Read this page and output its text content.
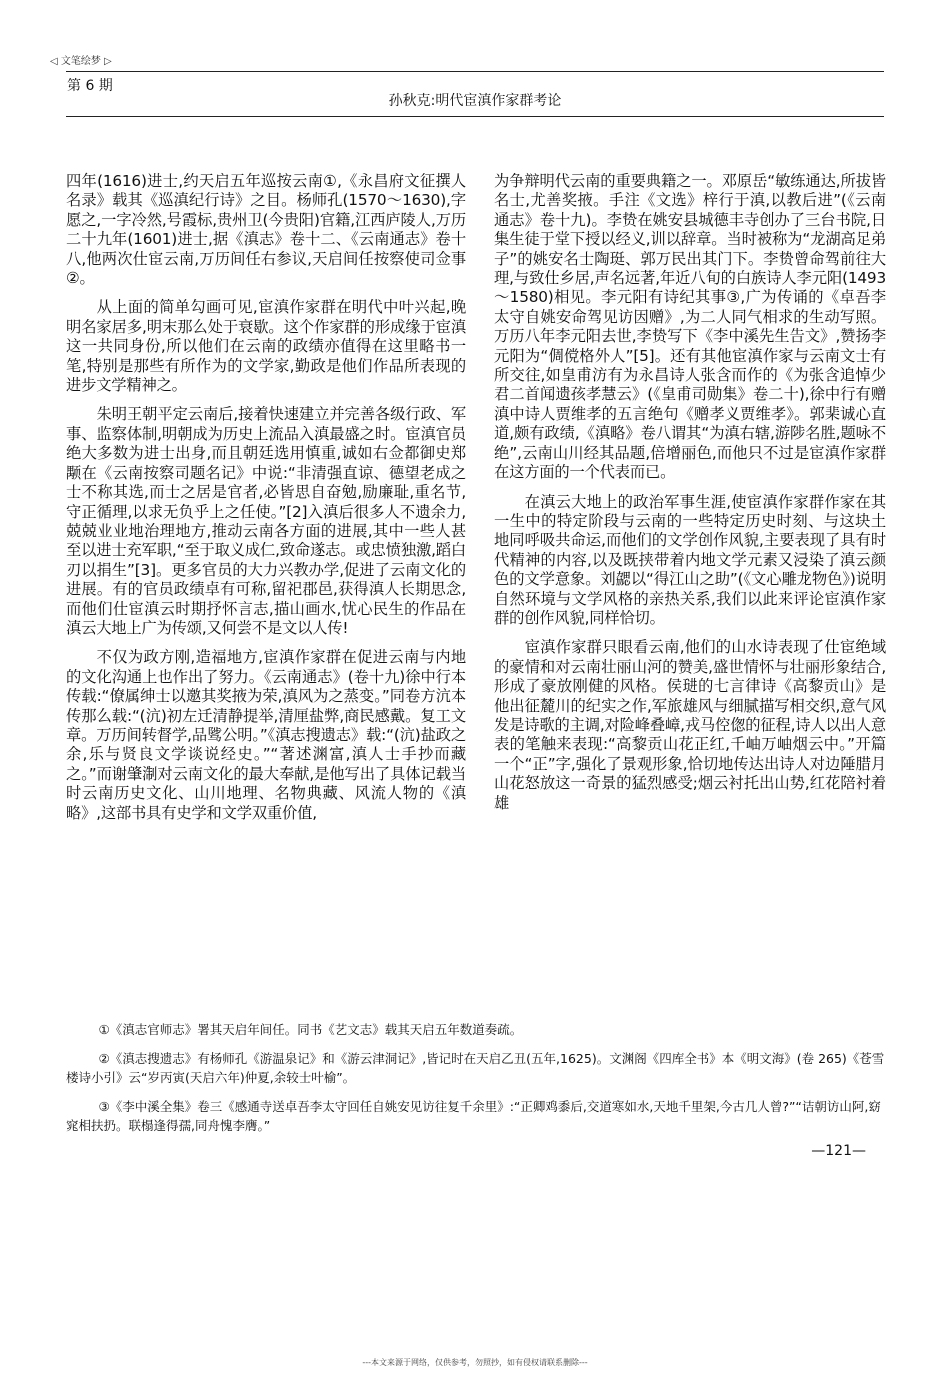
◁ 文笔绘梦 ▷
第 6 期
孙秋克:明代宦滇作家群考论

四年(1616)进士,约天启五年巡按云南①,《永昌府文征撰人名录》载其《巡滇纪行诗》之目。杨师孔(1570～1630),字愿之,一字冷然,号霞标,贵州卫(今贵阳)官籍,江西庐陵人,万历二十九年(1601)进士,据《滇志》卷十二、《云南通志》卷十八,他两次仕宦云南,万历间任右参议,天启间任按察使司佥事②。

从上面的简单勾画可见,宦滇作家群在明代中叶兴起,晚明名家居多,明末那么处于衰歇。这个作家群的形成缘于宦滇这一共同身份,所以他们在云南的政绩亦值得在这里略书一笔,特别是那些有所作为的文学家,勤政是他们作品所表现的进步文学精神之。

朱明王朝平定云南后,接着快速建立并完善各级行政、军事、监察体制,明朝成为历史上流品入滇最盛之时。宦滇官员绝大多数为进士出身,而且朝廷选用慎重,诚如右佥都御史郑颙在《云南按察司题名记》中说:“非清强直谅、德望老成之士不称其选,而士之居是官者,必皆思自奋勉,励廉耻,重名节,守正循理,以求无负乎上之任使。”[2]入滇后很多人不遗余力,兢兢业业地治理地方,推动云南各方面的进展,其中一些人甚至以进士充军职,“至于取义成仁,致命遂志。或忠愤独激,蹈白刃以捐生”[3]。更多官员的大力兴教办学,促进了云南文化的进展。有的官员政绩卓有可称,留祀郡邑,获得滇人长期思念,而他们仕宦滇云时期抒怀言志,描山画水,忧心民生的作品在滇云大地上广为传颂,又何尝不是文以人传!

不仅为政方刚,造福地方,宦滇作家群在促进云南与内地的文化沟通上也作出了努力。《云南通志》(卷十九)徐中行本传载:“僚属绅士以邀其奖掖为荣,滇风为之蒸变。”同卷方沆本传那么载:“(沆)初左迁清静提举,清厘盐弊,商民感戴。复工文章。万历间转督学,品骘公明。”《滇志搜遗志》载:“(沆)盐政之余,乐与贤良文学谈说经史。”“著述渊富,滇人士手抄而藏之。”而谢肇淛对云南文化的最大奉献,是他写出了具体记载当时云南历史文化、山川地理、名物典藏、风流人物的《滇略》,这部书具有史学和文学双重价值,

为争辩明代云南的重要典籍之一。邓原岳“敏练通达,所拔皆名士,尤善奖掖。手注《文选》梓行于滇,以教后进”(《云南通志》卷十九)。李贽在姚安县城德丰寺创办了三台书院,日集生徒于堂下授以经义,训以辞章。当时被称为“龙湖高足弟子”的姚安名士陶珽、郭万民出其门下。李贽曾命驾前往大理,与致仕乡居,声名远著,年近八旬的白族诗人李元阳(1493～1580)相见。李元阳有诗纪其事③,广为传诵的《卓吾李太守自姚安命驾见访因赠》,为二人同气相求的生动写照。万历八年李元阳去世,李贽写下《李中溪先生告文》,赞扬李元阳为“倜傥格外人”[5]。还有其他宦滇作家与云南文士有所交往,如皇甫汸有为永昌诗人张含而作的《为张含追悼少君二首闻遗孩孝慧云》(《皇甫司勋集》卷二十),徐中行有赠滇中诗人贾维孝的五言绝句《赠孝义贾维孝》。郭棐诚心直道,颇有政绩,《滇略》卷八谓其“为滇右辖,游陟名胜,题咏不绝”,云南山川经其品题,倍增丽色,而他只不过是宦滇作家群在这方面的一个代表而已。

在滇云大地上的政治军事生涯,使宦滇作家群作家在其一生中的特定阶段与云南的一些特定历史时刻、与这块土地同呼吸共命运,而他们的文学创作风貌,主要表现了具有时代精神的内容,以及既挟带着内地文学元素又浸染了滇云颜色的文学意象。刘勰以“得江山之助”(《文心雕龙物色》)说明自然环境与文学风格的亲热关系,我们以此来评论宦滇作家群的创作风貌,同样恰切。

宦滇作家群只眼看云南,他们的山水诗表现了仕宦绝域的豪情和对云南壮丽山河的赞美,盛世情怀与壮丽形象结合,形成了豪放刚健的风格。侯琎的七言律诗《高黎贡山》是他出征麓川的纪实之作,军旅雄风与细腻描写相交织,意气风发是诗歌的主调,对险峰叠嶂,戎马倥偬的征程,诗人以出人意表的笔触来表现:“高黎贡山花正红,千岫万岫烟云中。”开篇一个“正”字,强化了景观形象,恰切地传达出诗人对边陲腊月山花怒放这一奇景的猛烈感受;烟云衬托出山势,红花陪衬着雄

①《滇志官师志》署其天启年间任。同书《艺文志》载其天启五年数道奏疏。

②《滇志搜遗志》有杨师孔《游温泉记》和《游云津洞记》,皆记时在天启乙丑(五年,1625)。文渊阁《四库全书》本《明文海》(卷 265)《苍雪楼诗小引》云“岁丙寅(天启六年)仲夏,余较士叶榆”。

③《李中溪全集》卷三《感通寺送卓吾李太守回任自姚安见访往复千余里》:“正卿鸡黍后,交道寒如水,天地千里架,今古几人曾?”“诘朝访山阿,窈窕相扶扔。联榻逢得孺,同舟愧李膺。”

—121—
---本文来源于网络，仅供参考，勿照抄，如有侵权请联系删除---
